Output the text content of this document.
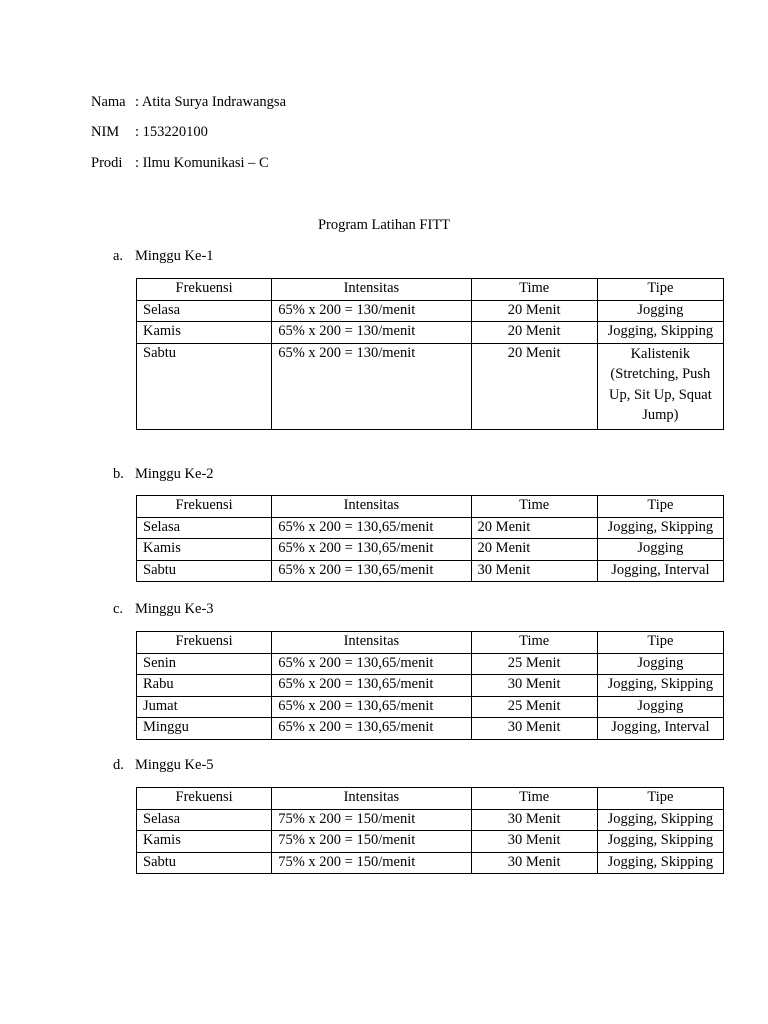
Nama : Atita Surya Indrawangsa
NIM : 153220100
Prodi : Ilmu Komunikasi – C
Program Latihan FITT
a. Minggu Ke-1
Frekuensi	Intensitas	Time	Tipe
Selasa	65% x 200 = 130/menit	20 Menit	Jogging
Kamis	65% x 200 = 130/menit	20 Menit	Jogging, Skipping
Sabtu	65% x 200 = 130/menit	20 Menit	Kalistenik (Stretching, Push Up, Sit Up, Squat Jump)
b. Minggu Ke-2
Frekuensi	Intensitas	Time	Tipe
Selasa	65% x 200 = 130,65/menit	20 Menit	Jogging, Skipping
Kamis	65% x 200 = 130,65/menit	20 Menit	Jogging
Sabtu	65% x 200 = 130,65/menit	30 Menit	Jogging, Interval
c. Minggu Ke-3
Frekuensi	Intensitas	Time	Tipe
Senin	65% x 200 = 130,65/menit	25 Menit	Jogging
Rabu	65% x 200 = 130,65/menit	30 Menit	Jogging, Skipping
Jumat	65% x 200 = 130,65/menit	25 Menit	Jogging
Minggu	65% x 200 = 130,65/menit	30 Menit	Jogging, Interval
d. Minggu Ke-5
Frekuensi	Intensitas	Time	Tipe
Selasa	75% x 200 = 150/menit	30 Menit	Jogging, Skipping
Kamis	75% x 200 = 150/menit	30 Menit	Jogging, Skipping
Sabtu	75% x 200 = 150/menit	30 Menit	Jogging, Skipping
